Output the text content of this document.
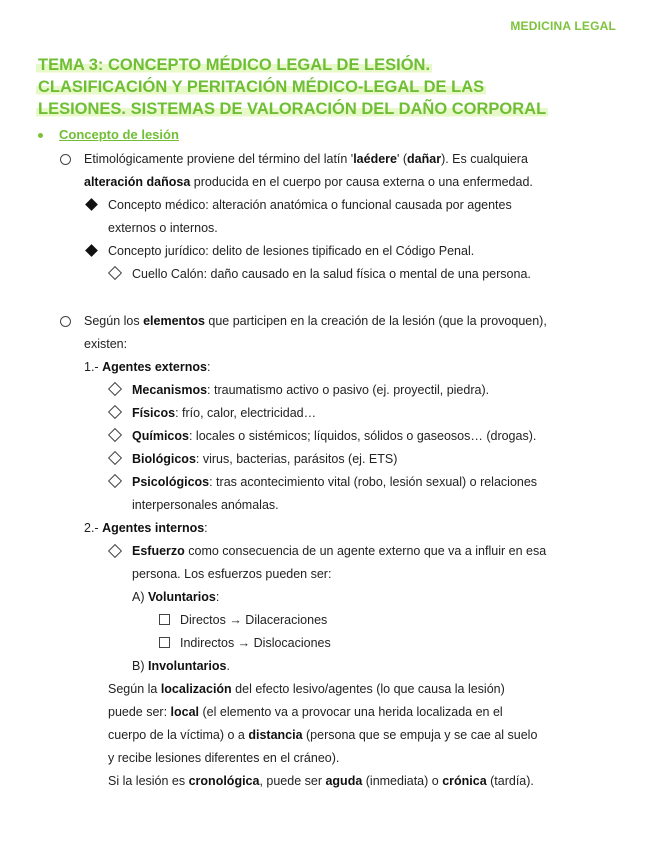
MEDICINA LEGAL
TEMA 3: CONCEPTO MÉDICO LEGAL DE LESIÓN.
CLASIFICACIÓN Y PERITACIÓN MÉDICO-LEGAL DE LAS
LESIONES. SISTEMAS DE VALORACIÓN DEL DAÑO CORPORAL
Concepto de lesión
Etimológicamente proviene del término del latín 'laédere' (dañar). Es cualquiera
alteración dañosa producida en el cuerpo por causa externa o una enfermedad.
Concepto médico: alteración anatómica o funcional causada por agentes
externos o internos.
Concepto jurídico: delito de lesiones tipificado en el Código Penal.
Cuello Calón: daño causado en la salud física o mental de una persona.
Según los elementos que participen en la creación de la lesión (que la provoquen),
existen:
1.- Agentes externos:
Mecanismos: traumatismo activo o pasivo (ej. proyectil, piedra).
Físicos: frío, calor, electricidad…
Químicos: locales o sistémicos; líquidos, sólidos o gaseosos… (drogas).
Biológicos: virus, bacterias, parásitos (ej. ETS)
Psicológicos: tras acontecimiento vital (robo, lesión sexual) o relaciones
interpersonales anómalas.
2.- Agentes internos:
Esfuerzo como consecuencia de un agente externo que va a influir en esa
persona. Los esfuerzos pueden ser:
A) Voluntarios:
Directos → Dilaceraciones
Indirectos → Dislocaciones
B) Involuntarios.
Según la localización del efecto lesivo/agentes (lo que causa la lesión)
puede ser: local (el elemento va a provocar una herida localizada en el
cuerpo de la víctima) o a distancia (persona que se empuja y se cae al suelo
y recibe lesiones diferentes en el cráneo).
Si la lesión es cronológica, puede ser aguda (inmediata) o crónica (tardía).
